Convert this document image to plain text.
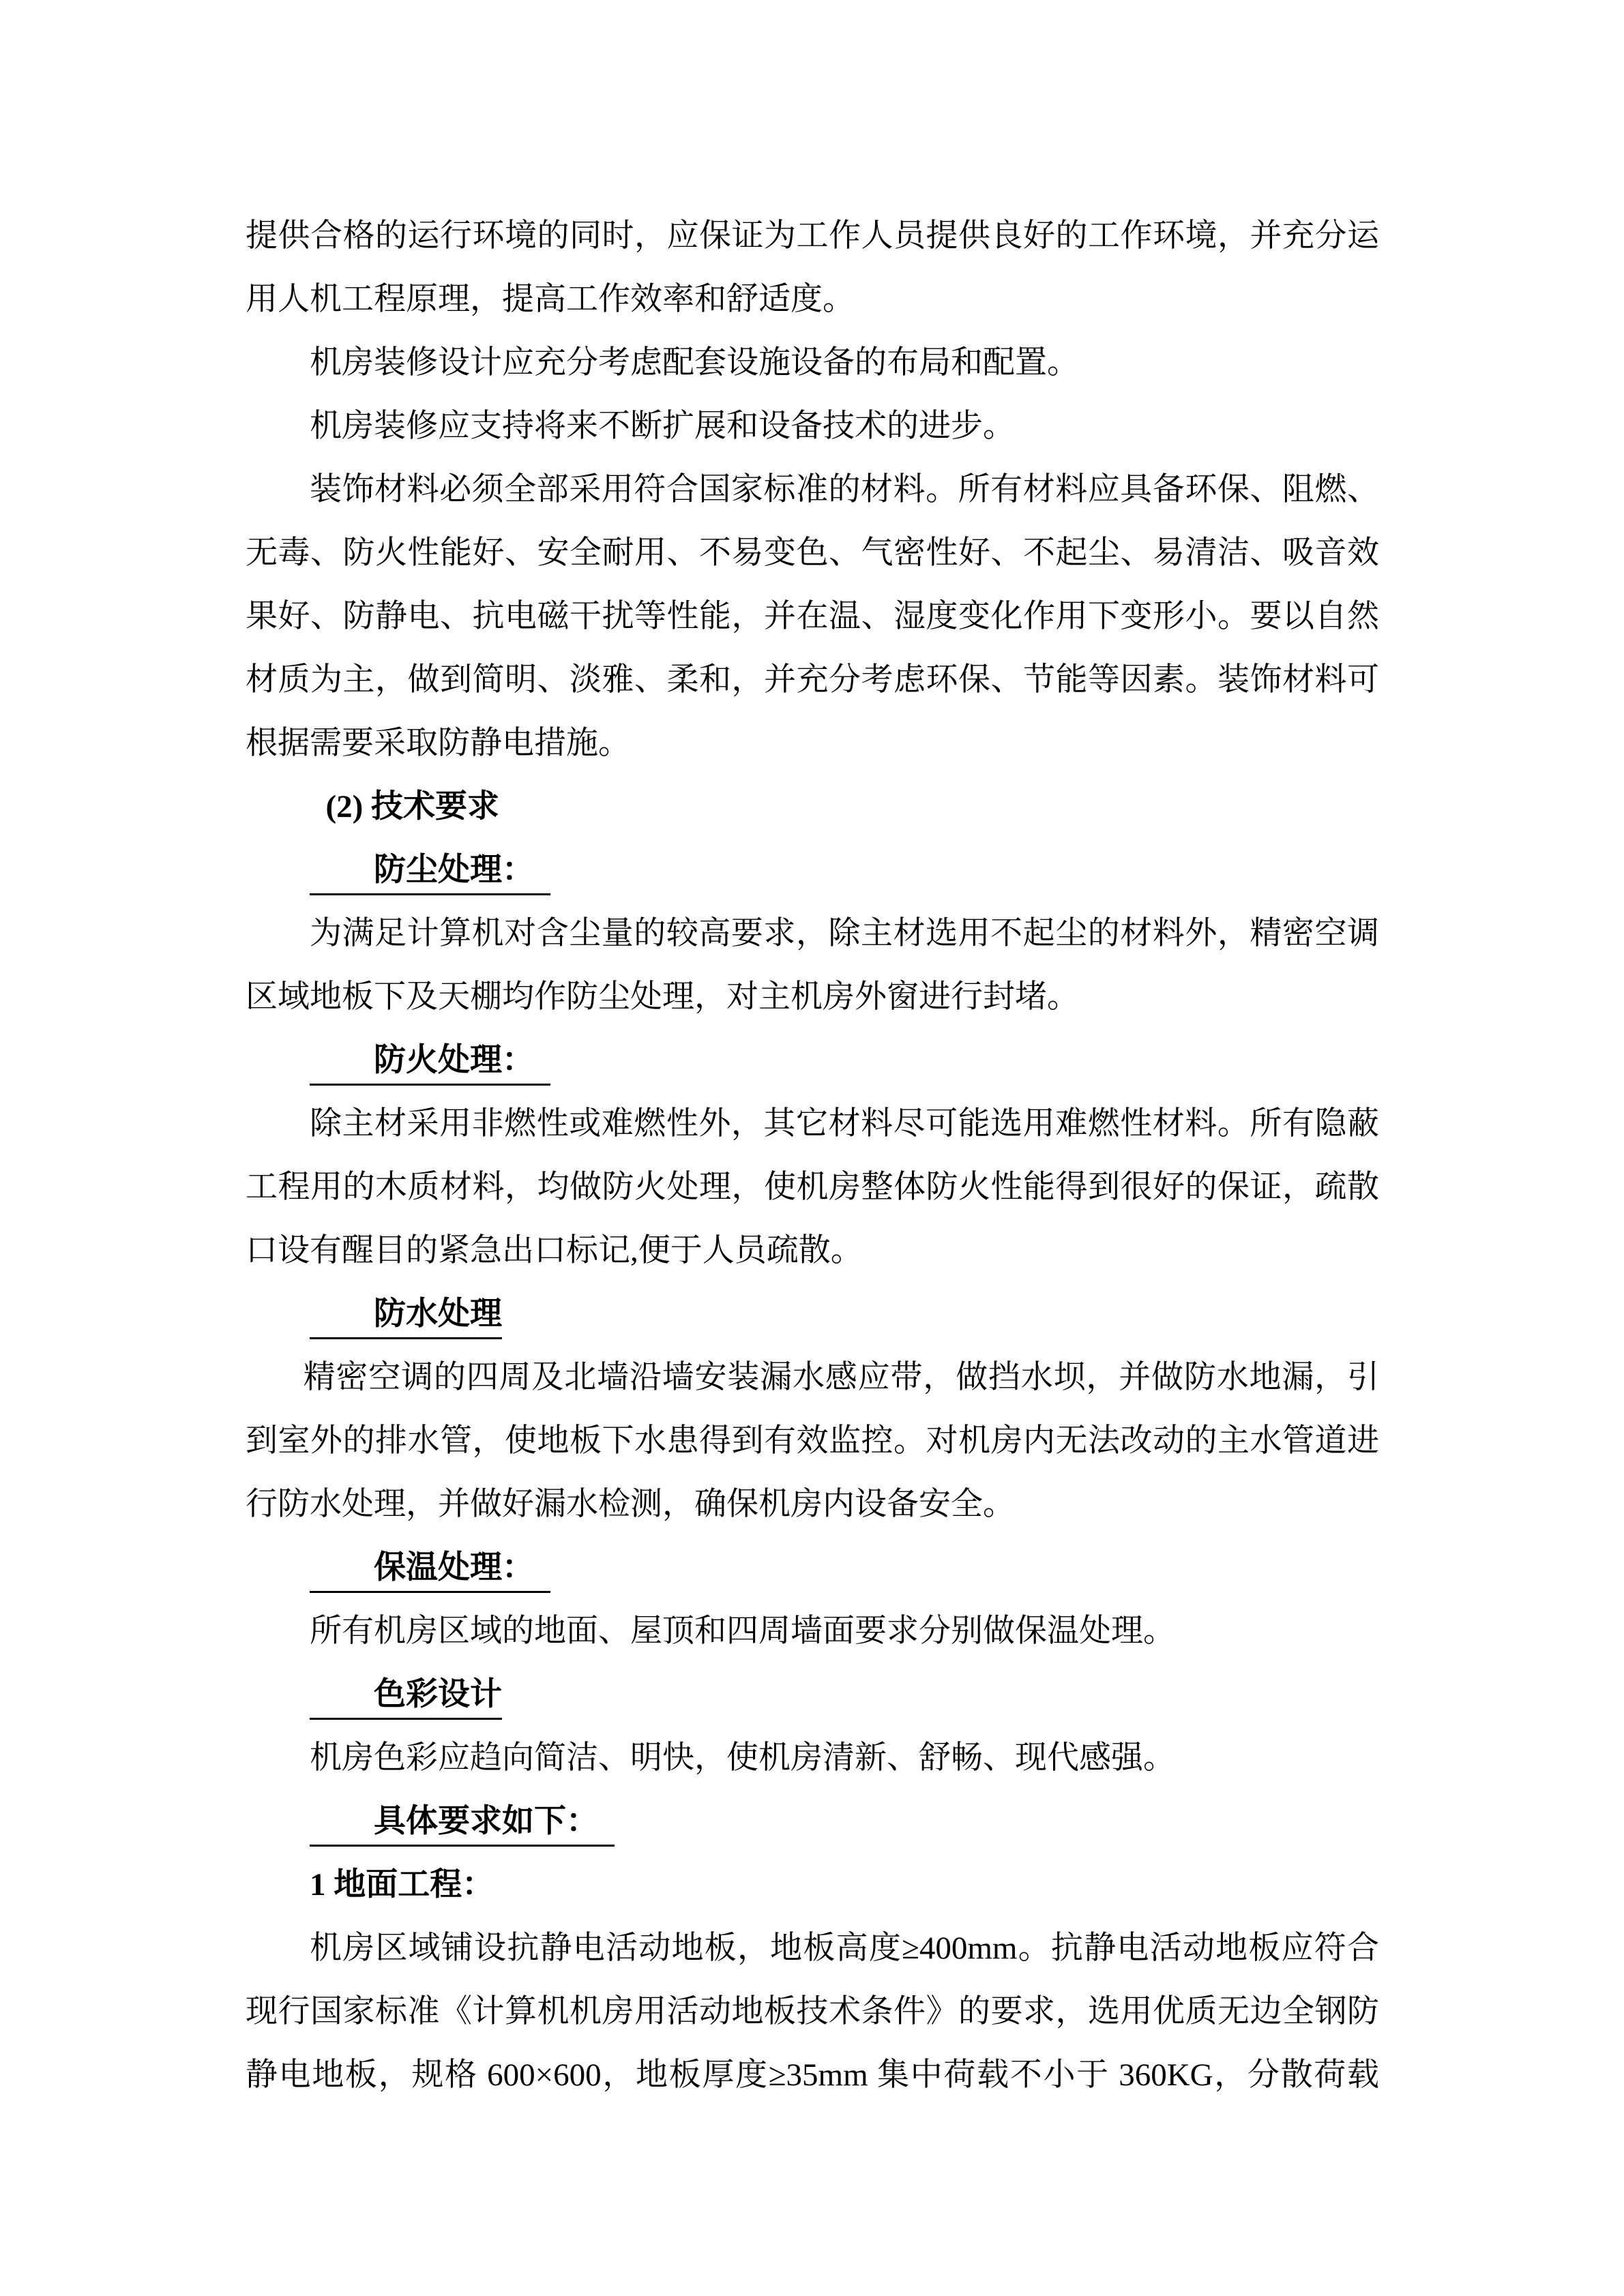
提供合格的运行环境的同时，应保证为工作人员提供良好的工作环境，并充分运用人机工程原理，提高工作效率和舒适度。

机房装修设计应充分考虑配套设施设备的布局和配置。

机房装修应支持将来不断扩展和设备技术的进步。

装饰材料必须全部采用符合国家标准的材料。所有材料应具备环保、阻燃、无毒、防火性能好、安全耐用、不易变色、气密性好、不起尘、易清洁、吸音效果好、防静电、抗电磁干扰等性能，并在温、湿度变化作用下变形小。要以自然材质为主，做到简明、淡雅、柔和，并充分考虑环保、节能等因素。装饰材料可根据需要采取防静电措施。

(2) 技术要求

防尘处理：

为满足计算机对含尘量的较高要求，除主材选用不起尘的材料外，精密空调区域地板下及天棚均作防尘处理，对主机房外窗进行封堵。

防火处理：

除主材采用非燃性或难燃性外，其它材料尽可能选用难燃性材料。所有隐蔽工程用的木质材料，均做防火处理，使机房整体防火性能得到很好的保证，疏散口设有醒目的紧急出口标记,便于人员疏散。

防水处理

精密空调的四周及北墙沿墙安装漏水感应带，做挡水坝，并做防水地漏，引到室外的排水管，使地板下水患得到有效监控。对机房内无法改动的主水管道进行防水处理，并做好漏水检测，确保机房内设备安全。

保温处理：

所有机房区域的地面、屋顶和四周墙面要求分别做保温处理。

色彩设计

机房色彩应趋向简洁、明快，使机房清新、舒畅、现代感强。

具体要求如下：

1 地面工程：

机房区域铺设抗静电活动地板，地板高度≥400mm。抗静电活动地板应符合现行国家标准《计算机机房用活动地板技术条件》的要求，选用优质无边全钢防静电地板，规格 600×600，地板厚度≥35mm 集中荷载不小于 360KG，分散荷载
